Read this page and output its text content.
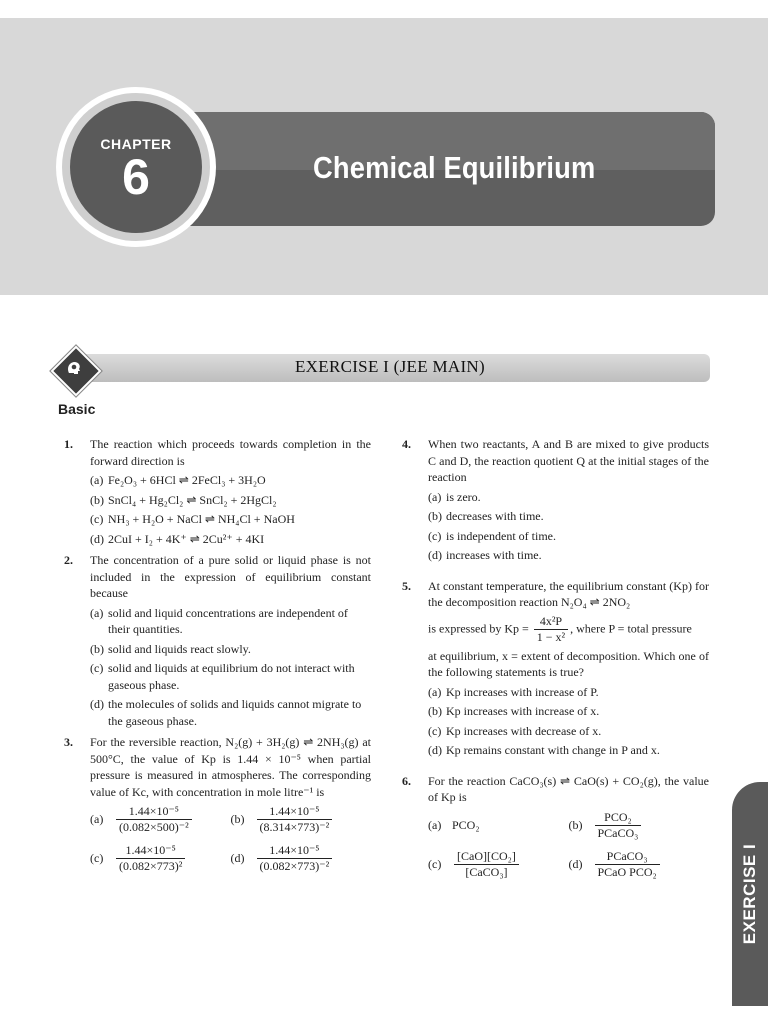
Chemical Equilibrium
CHAPTER
6
EXERCISE I (JEE MAIN)
Basic
1. The reaction which proceeds towards completion in the forward direction is
(a) Fe₂O₃ + 6HCl ⇌ 2FeCl₃ + 3H₂O
(b) SnCl₄ + Hg₂Cl₂ ⇌ SnCl₂ + 2HgCl₂
(c) NH₃ + H₂O + NaCl ⇌ NH₄Cl + NaOH
(d) 2CuI + I₂ + 4K⁺ ⇌ 2Cu²⁺ + 4KI
2. The concentration of a pure solid or liquid phase is not included in the expression of equilibrium constant because
(a) solid and liquid concentrations are independent of their quantities.
(b) solid and liquids react slowly.
(c) solid and liquids at equilibrium do not interact with gaseous phase.
(d) the molecules of solids and liquids cannot migrate to the gaseous phase.
3. For the reversible reaction, N₂(g) + 3H₂(g) ⇌ 2NH₃(g) at 500°C, the value of Kp is 1.44 × 10⁻⁵ when partial pressure is measured in atmospheres. The corresponding value of Kc, with concentration in mole litre⁻¹ is
(a)	$\frac{\text{1.44×10⁻⁵}}{\text{(0.082×500)⁻²}}$	(b)	$\frac{\text{1.44×10⁻⁵}}{\text{(8.314×773)⁻²}}$
(c)	$\frac{\text{1.44×10⁻⁵}}{\text{(0.082×773)²}}$	(d)	$\frac{\text{1.44×10⁻⁵}}{\text{(0.082×773)⁻²}}$
4. When two reactants, A and B are mixed to give products C and D, the reaction quotient Q at the initial stages of the reaction
(a) is zero.
(b) decreases with time.
(c) is independent of time.
(d) increases with time.
5. At constant temperature, the equilibrium constant (Kp) for the decomposition reaction N₂O₄ ⇌ 2NO₂
is expressed by $Kp = \frac{\text{4x²P}}{\text{1 − x²}}$ , where P = total pressure
at equilibrium, x = extent of decomposition. Which one of the following statements is true?
(a) Kp increases with increase of P.
(b) Kp increases with increase of x.
(c) Kp increases with decrease of x.
(d) Kp remains constant with change in P and x.
6. For the reaction CaCO₃(s) ⇌ CaO(s) + CO₂(g), the value of Kp is
(a) PCO₂	(b)	$\frac{\text{PCO₂}}{\text{PCaCO₃}}$
(c)	$\frac{\text{[CaO][CO₂]}}{\text{[CaCO₃]}}$	(d)	$\frac{\text{PCaCO₃}}{\text{PCaO PCO₂}}$	EXERCISE I
